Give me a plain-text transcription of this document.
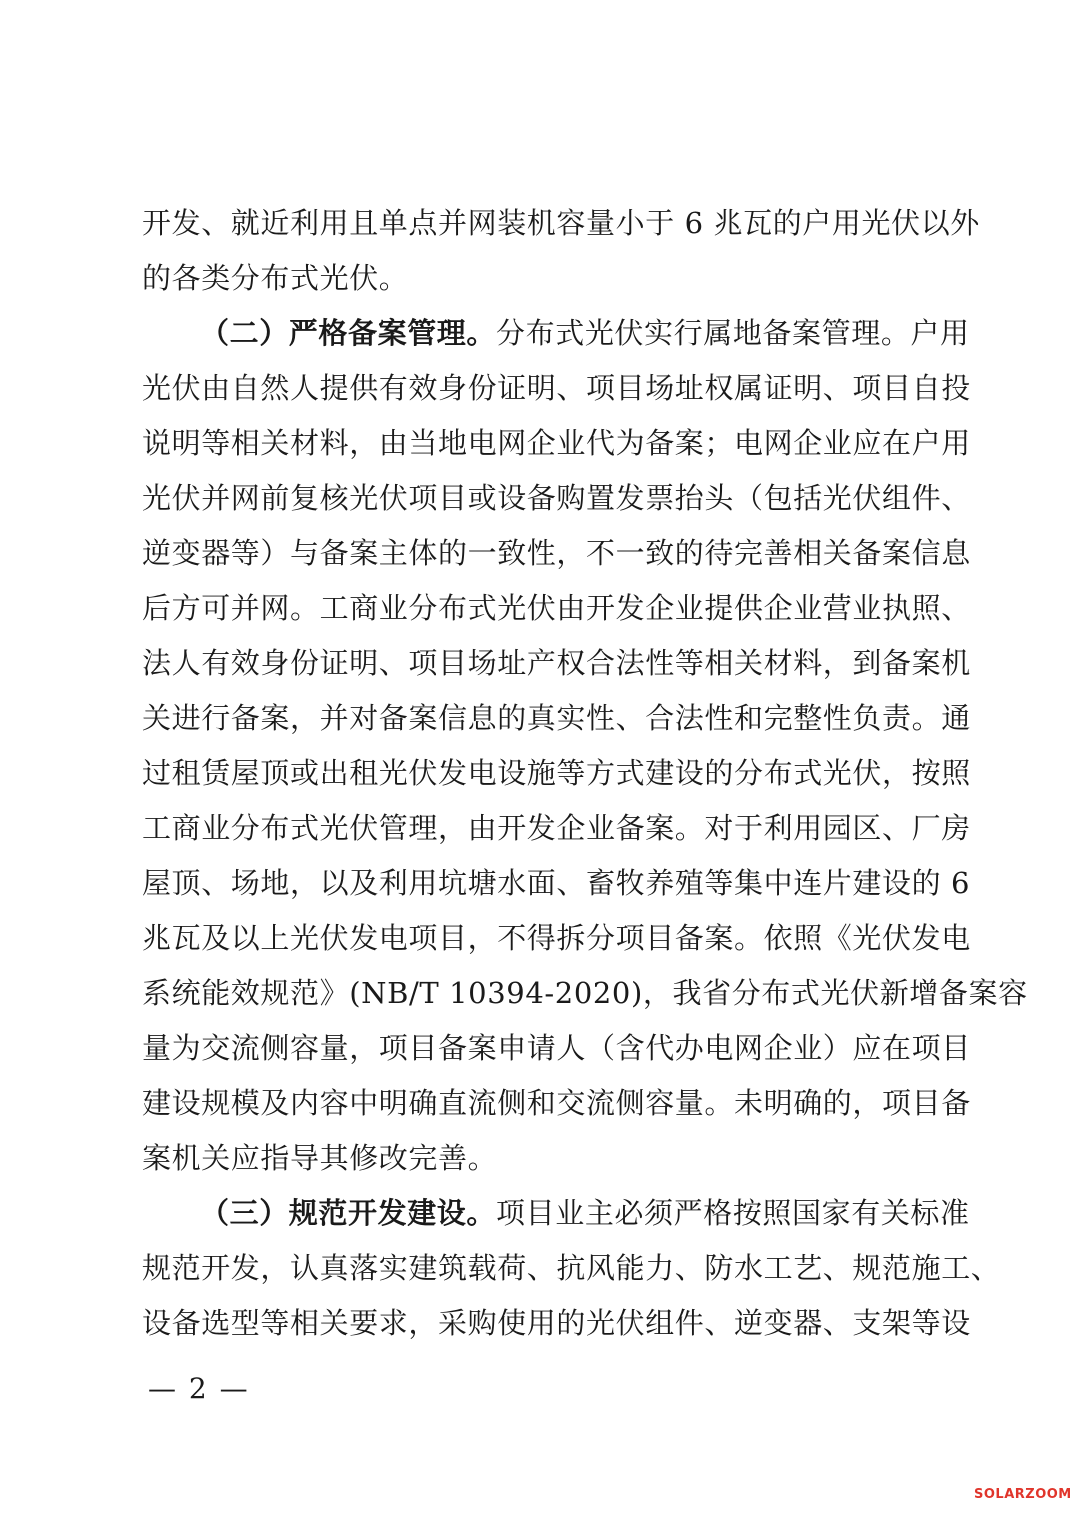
开发、就近利用且单点并网装机容量小于 6 兆瓦的户用光伏以外
的各类分布式光伏。
（二）严格备案管理。分布式光伏实行属地备案管理。户用
光伏由自然人提供有效身份证明、项目场址权属证明、项目自投
说明等相关材料，由当地电网企业代为备案；电网企业应在户用
光伏并网前复核光伏项目或设备购置发票抬头（包括光伏组件、
逆变器等）与备案主体的一致性，不一致的待完善相关备案信息
后方可并网。工商业分布式光伏由开发企业提供企业营业执照、
法人有效身份证明、项目场址产权合法性等相关材料，到备案机
关进行备案，并对备案信息的真实性、合法性和完整性负责。通
过租赁屋顶或出租光伏发电设施等方式建设的分布式光伏，按照
工商业分布式光伏管理，由开发企业备案。对于利用园区、厂房
屋顶、场地，以及利用坑塘水面、畜牧养殖等集中连片建设的 6
兆瓦及以上光伏发电项目，不得拆分项目备案。依照《光伏发电
系统能效规范》(NB/T 10394-2020)，我省分布式光伏新增备案容
量为交流侧容量，项目备案申请人（含代办电网企业）应在项目
建设规模及内容中明确直流侧和交流侧容量。未明确的，项目备
案机关应指导其修改完善。
（三）规范开发建设。项目业主必须严格按照国家有关标准
规范开发，认真落实建筑载荷、抗风能力、防水工艺、规范施工、
设备选型等相关要求，采购使用的光伏组件、逆变器、支架等设
— 2 —
SOLARZOOM
